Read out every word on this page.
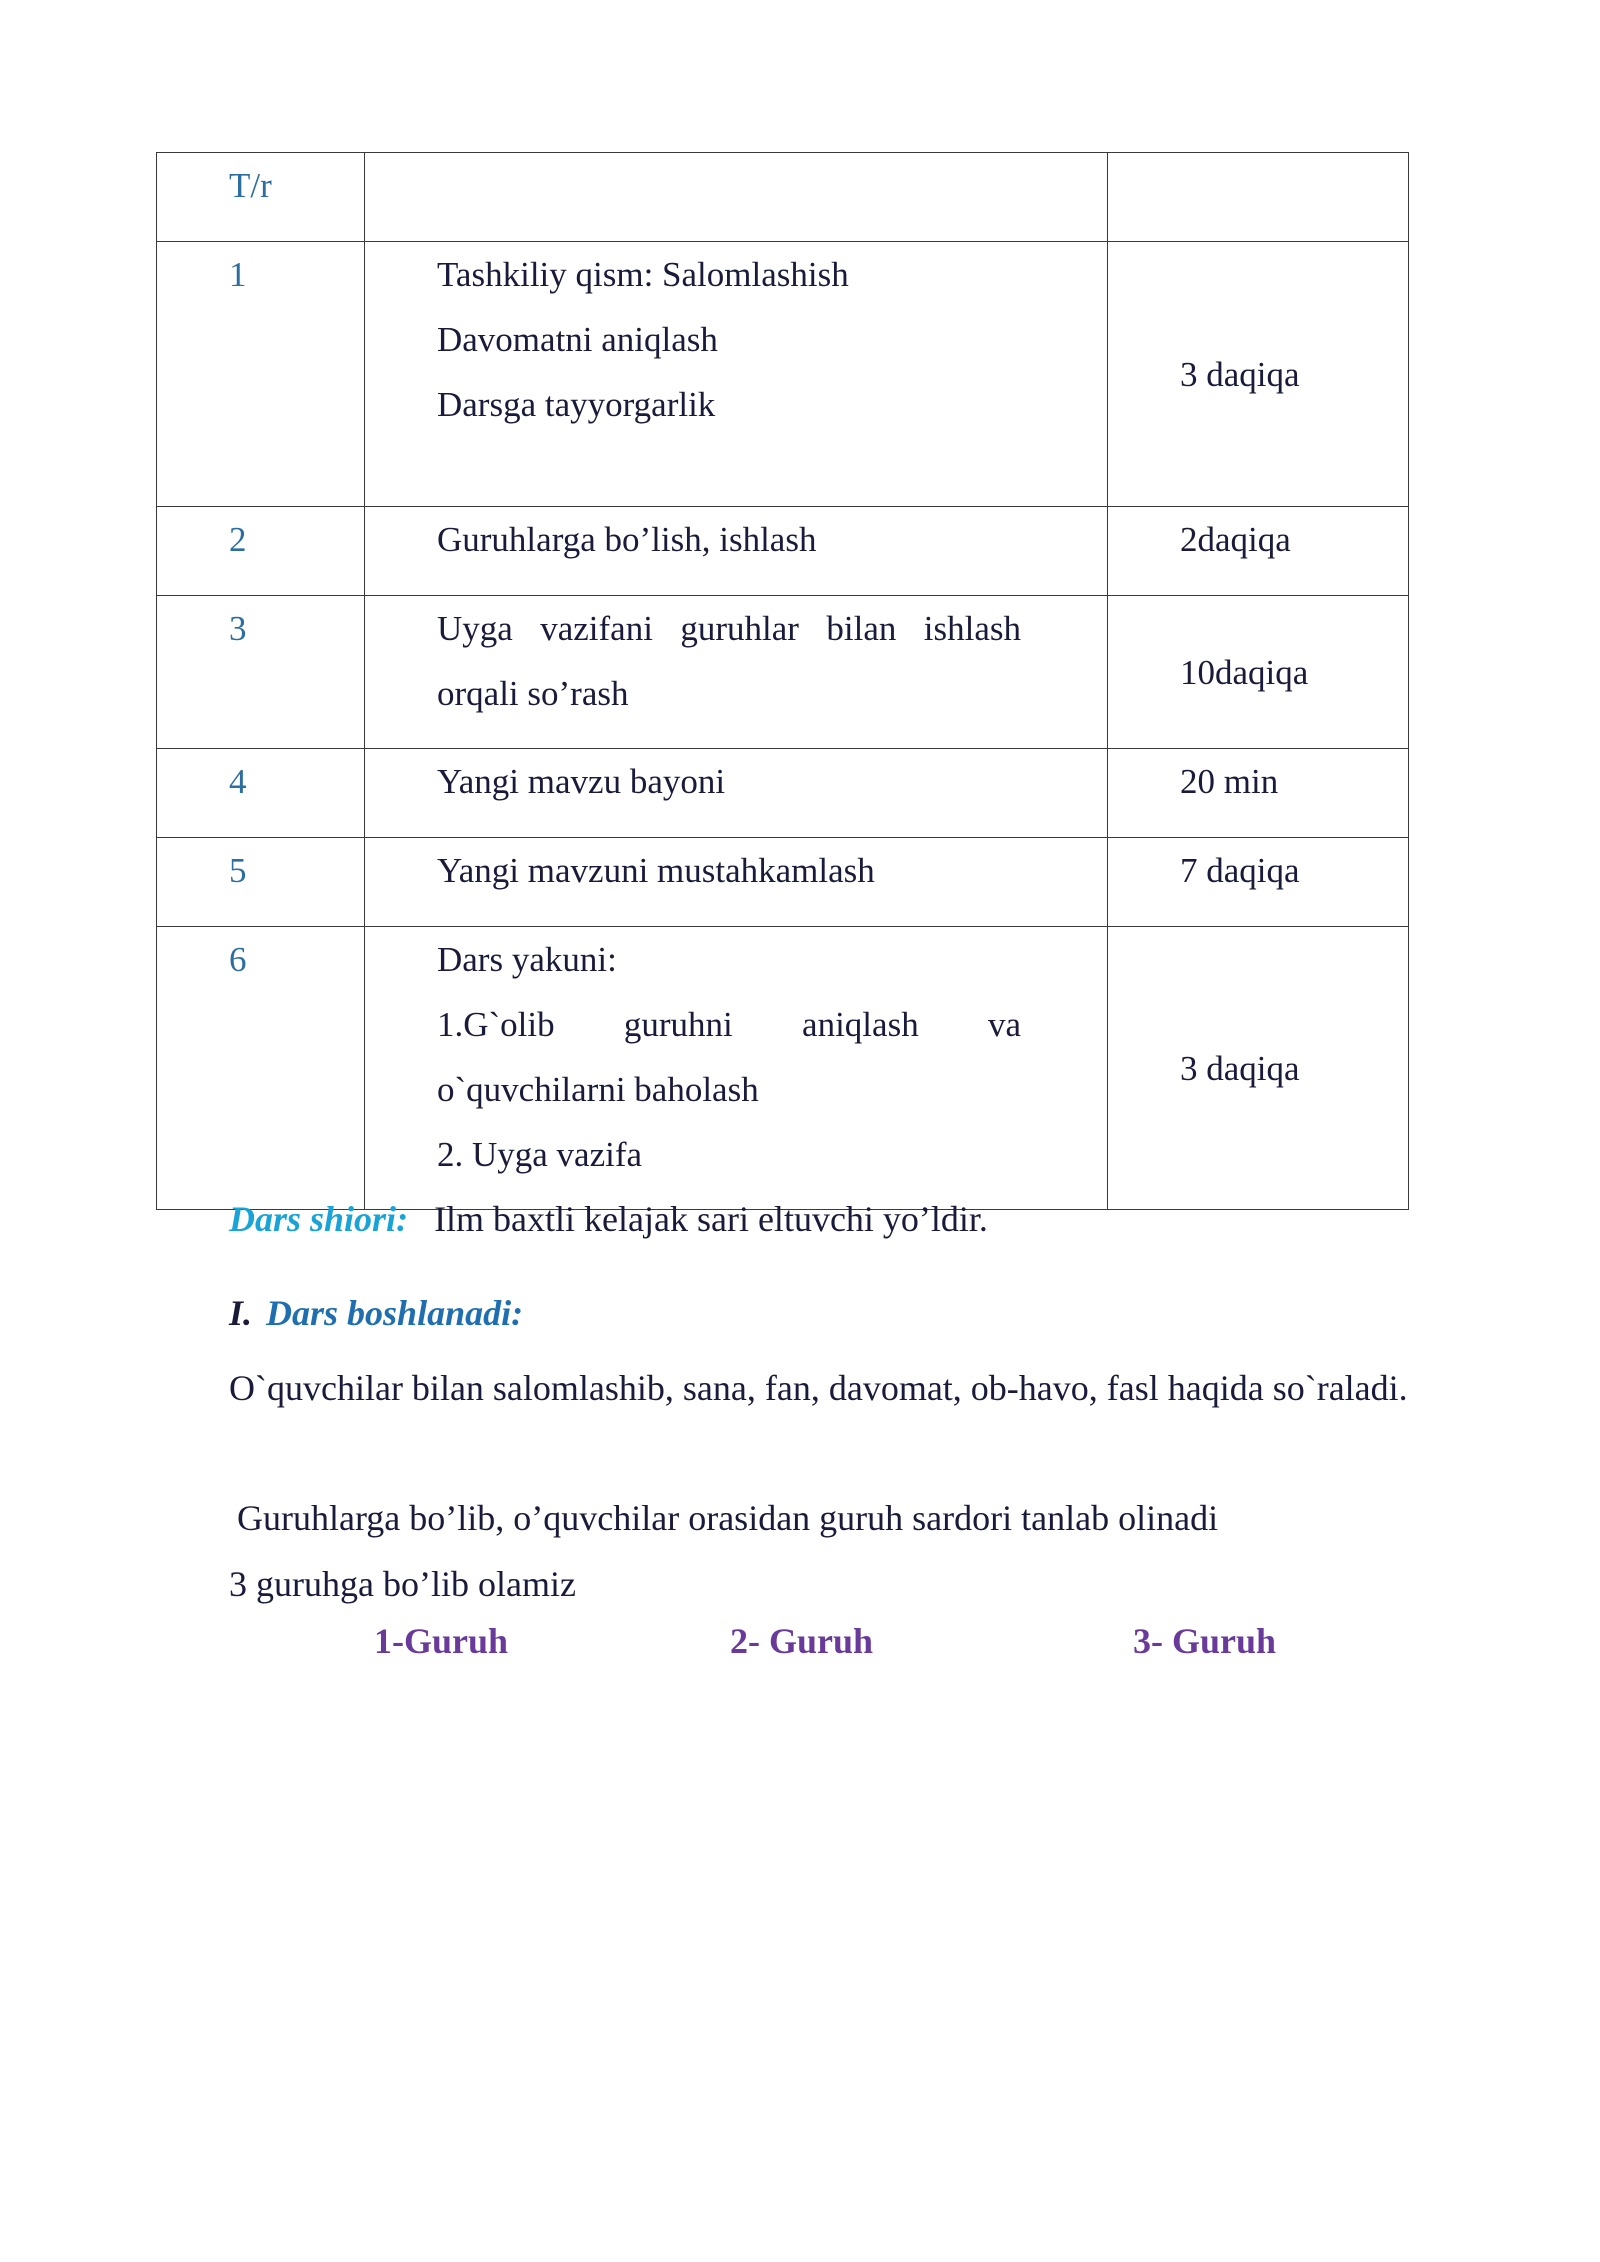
T/r		
1	Tashkiliy qism: Salomlashish
Davomatni aniqlash
Darsga tayyorgarlik	3 daqiqa
2	Guruhlarga bo’lish, ishlash	2daqiqa
3	Uyga vazifani guruhlar bilan ishlash
orqali so’rash	10daqiqa
4	Yangi mavzu bayoni	20 min
5	Yangi mavzuni mustahkamlash	7 daqiqa
6	Dars yakuni:
1.G`olib guruhni aniqlash va
o`quvchilarni baholash
2. Uyga vazifa	3 daqiqa
Dars shiori: Ilm baxtli kelajak sari eltuvchi yo’ldir.
I. Dars boshlanadi:
O`quvchilar bilan salomlashib, sana, fan, davomat, ob-havo, fasl haqida so`raladi.
Guruhlarga bo’lib, o’quvchilar orasidan guruh sardori tanlab olinadi
3 guruhga bo’lib olamiz
1-Guruh	2- Guruh	3- Guruh
